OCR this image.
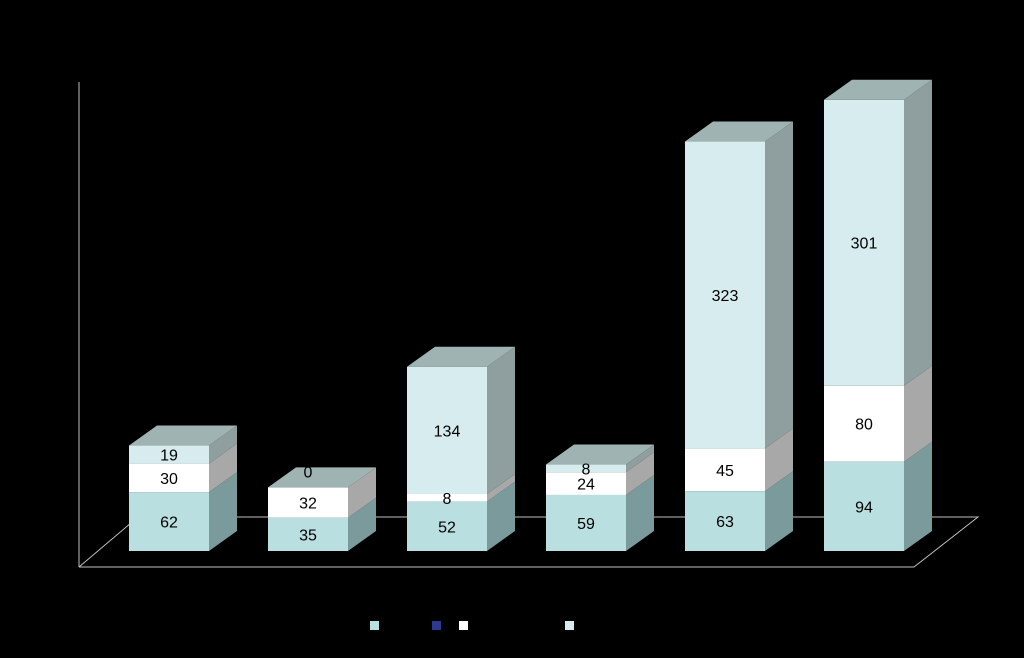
62
30
19
35
32
0
52
8
134
59
24
8
63
45
323
94
80
301
